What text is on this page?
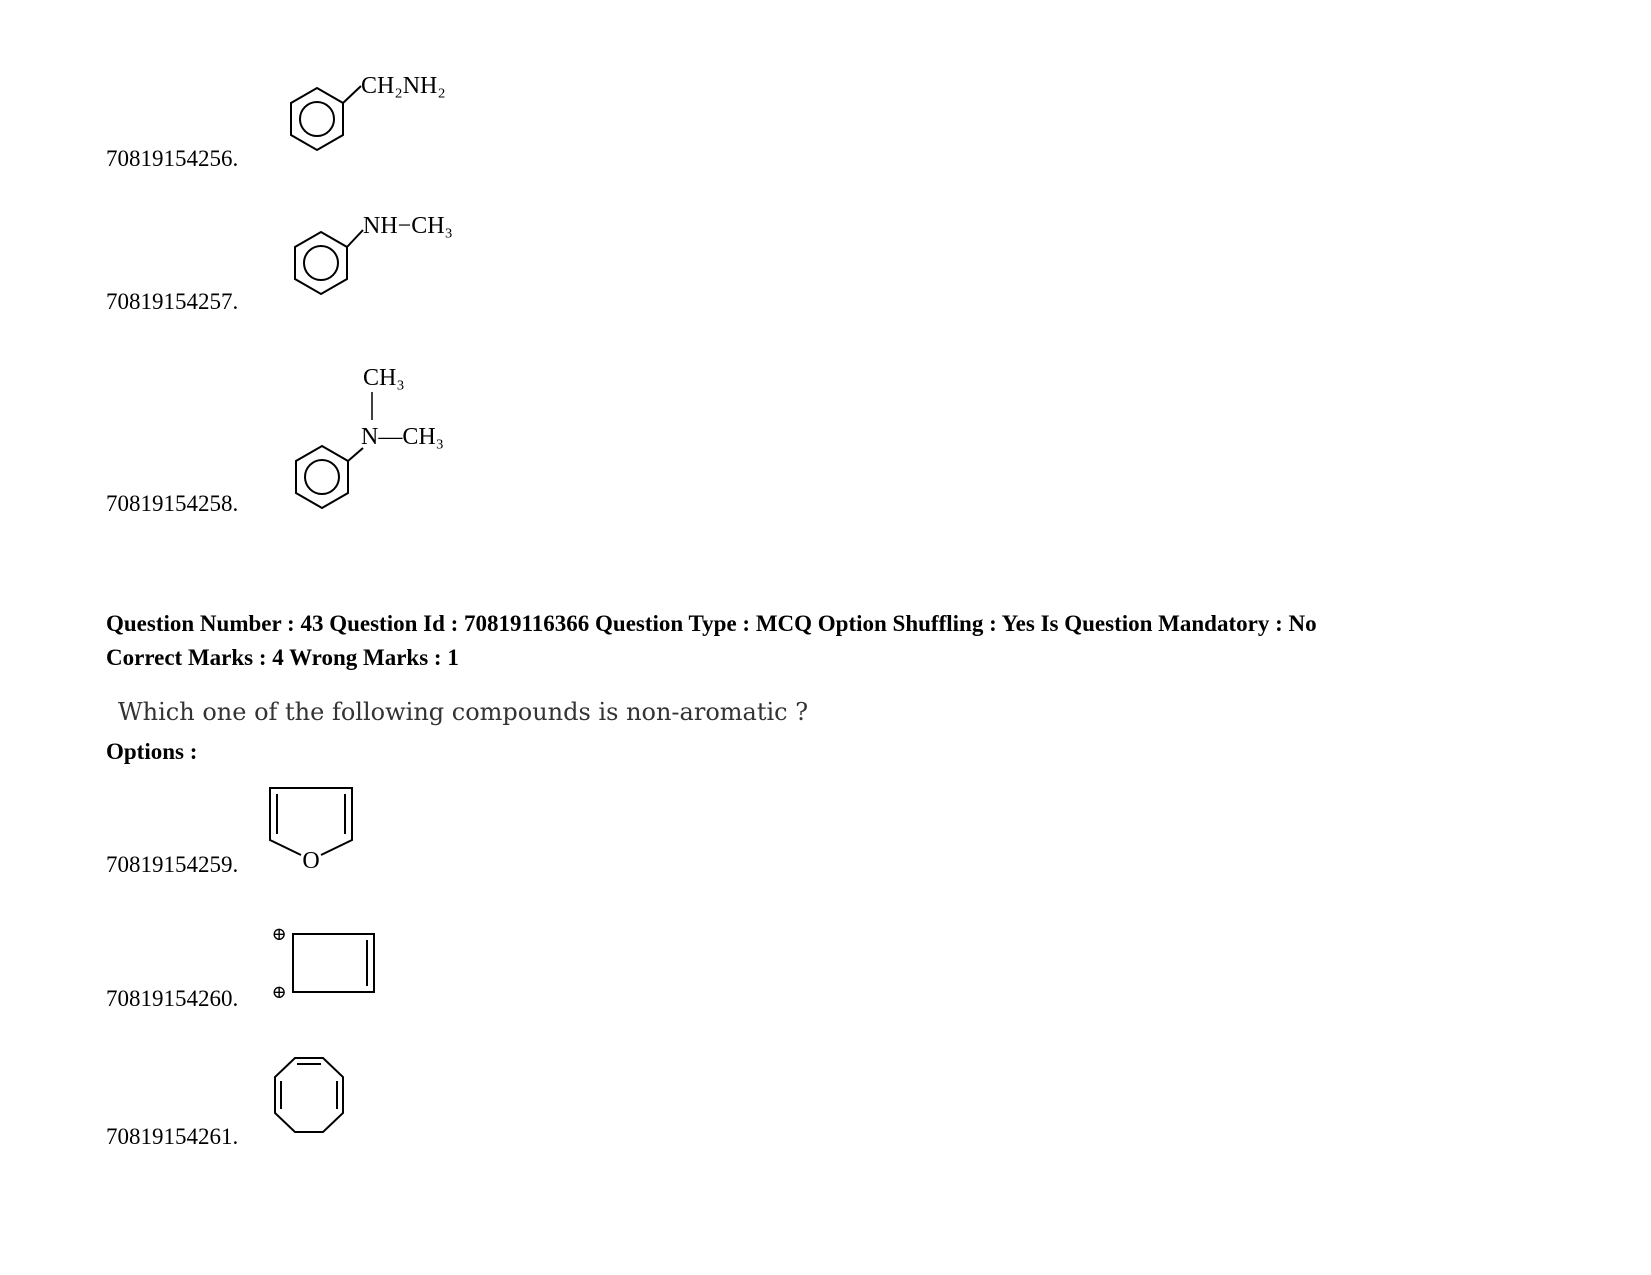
70819154256.
CH₂NH₂
70819154257.
NH−CH₃
70819154258.
CH₃
N—CH₃
Question Number : 43 Question Id : 70819116366 Question Type : MCQ Option Shuffling : Yes Is Question Mandatory : No
Correct Marks : 4 Wrong Marks : 1
Which one of the following compounds is non-aromatic ?
Options :
70819154259.	O
70819154260.
⊕
⊕
70819154261.
